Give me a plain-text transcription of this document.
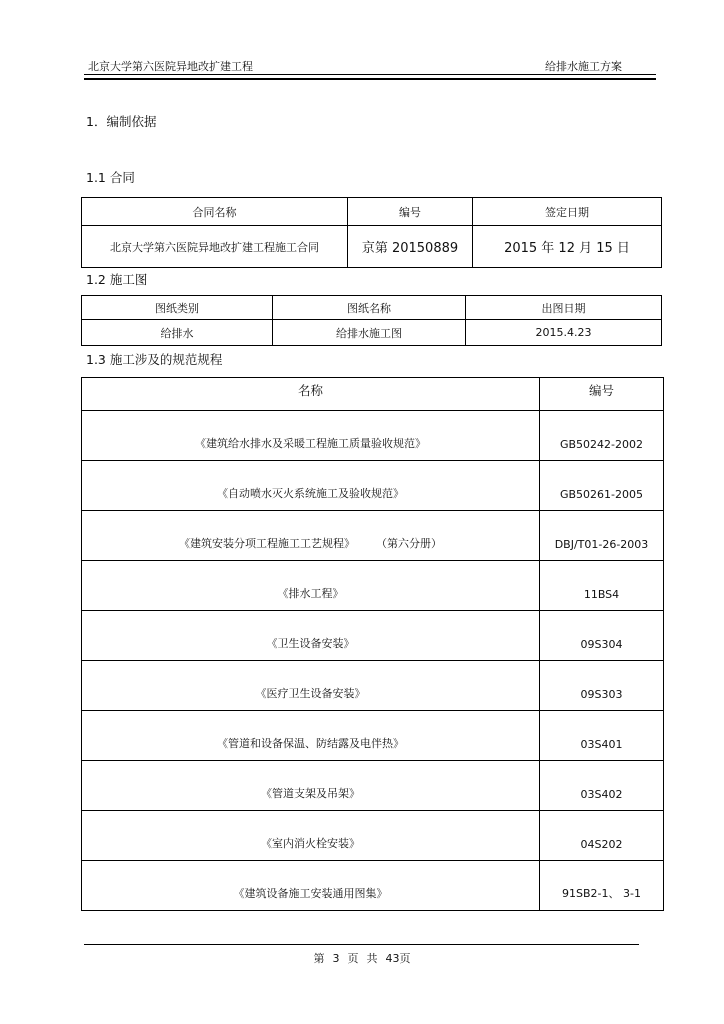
北京大学第六医院异地改扩建工程	给排水施工方案
1．编制依据
1.1 合同
合同名称	编号	签定日期
北京大学第六医院异地改扩建工程施工合同	京第 20150889	2015 年 12 月 15 日
1.2 施工图
图纸类别	图纸名称	出图日期
给排水	给排水施工图	2015.4.23
1.3 施工涉及的规范规程
名称	编号
《建筑给水排水及采暖工程施工质量验收规范》	GB50242-2002
《自动喷水灭火系统施工及验收规范》	GB50261-2005
《建筑安装分项工程施工工艺规程》      （第六分册）	DBJ/T01-26-2003
《排水工程》	11BS4
《卫生设备安装》	09S304
《医疗卫生设备安装》	09S303
《管道和设备保温、防结露及电伴热》	03S401
《管道支架及吊架》	03S402
《室内消火栓安装》	04S202
《建筑设备施工安装通用图集》	91SB2-1、 3-1
第 3 页 共 43页
